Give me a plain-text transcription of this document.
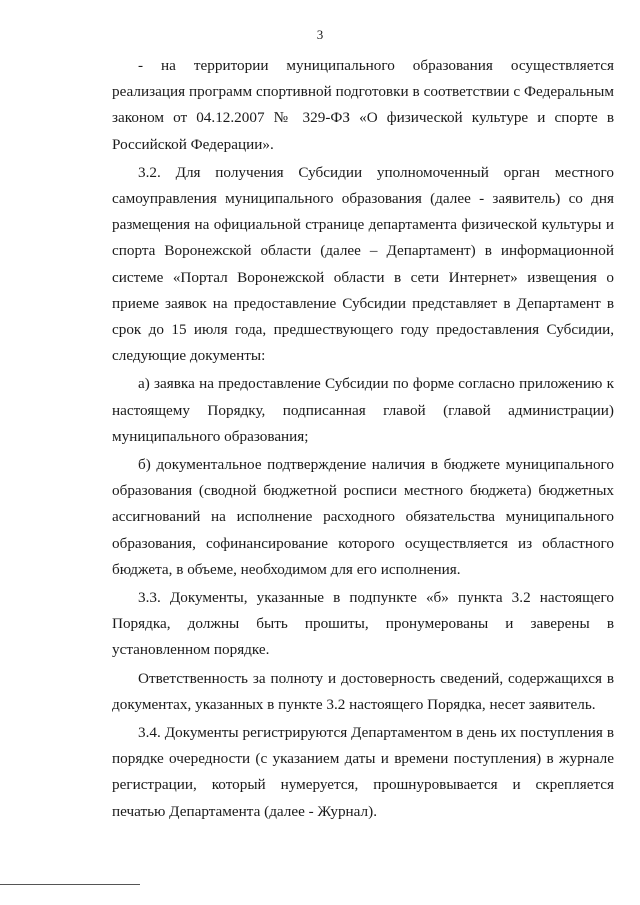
3

- на территории муниципального образования осуществляется реализация программ спортивной подготовки в соответствии с Федеральным законом от 04.12.2007 № 329-ФЗ «О физической культуре и спорте в Российской Федерации».

3.2. Для получения Субсидии уполномоченный орган местного самоуправления муниципального образования (далее - заявитель) со дня размещения на официальной странице департамента физической культуры и спорта Воронежской области (далее – Департамент) в информационной системе «Портал Воронежской области в сети Интернет» извещения о приеме заявок на предоставление Субсидии представляет в Департамент в срок до 15 июля года, предшествующего году предоставления Субсидии, следующие документы:

а) заявка на предоставление Субсидии по форме согласно приложению к настоящему Порядку, подписанная главой (главой администрации) муниципального образования;

б) документальное подтверждение наличия в бюджете муниципального образования (сводной бюджетной росписи местного бюджета) бюджетных ассигнований на исполнение расходного обязательства муниципального образования, софинансирование которого осуществляется из областного бюджета, в объеме, необходимом для его исполнения.

3.3. Документы, указанные в подпункте «б» пункта 3.2 настоящего Порядка, должны быть прошиты, пронумерованы и заверены в установленном порядке.

Ответственность за полноту и достоверность сведений, содержащихся в документах, указанных в пункте 3.2 настоящего Порядка, несет заявитель.

3.4. Документы регистрируются Департаментом в день их поступления в порядке очередности (с указанием даты и времени поступления) в журнале регистрации, который нумеруется, прошнуровывается и скрепляется печатью Департамента (далее - Журнал).
